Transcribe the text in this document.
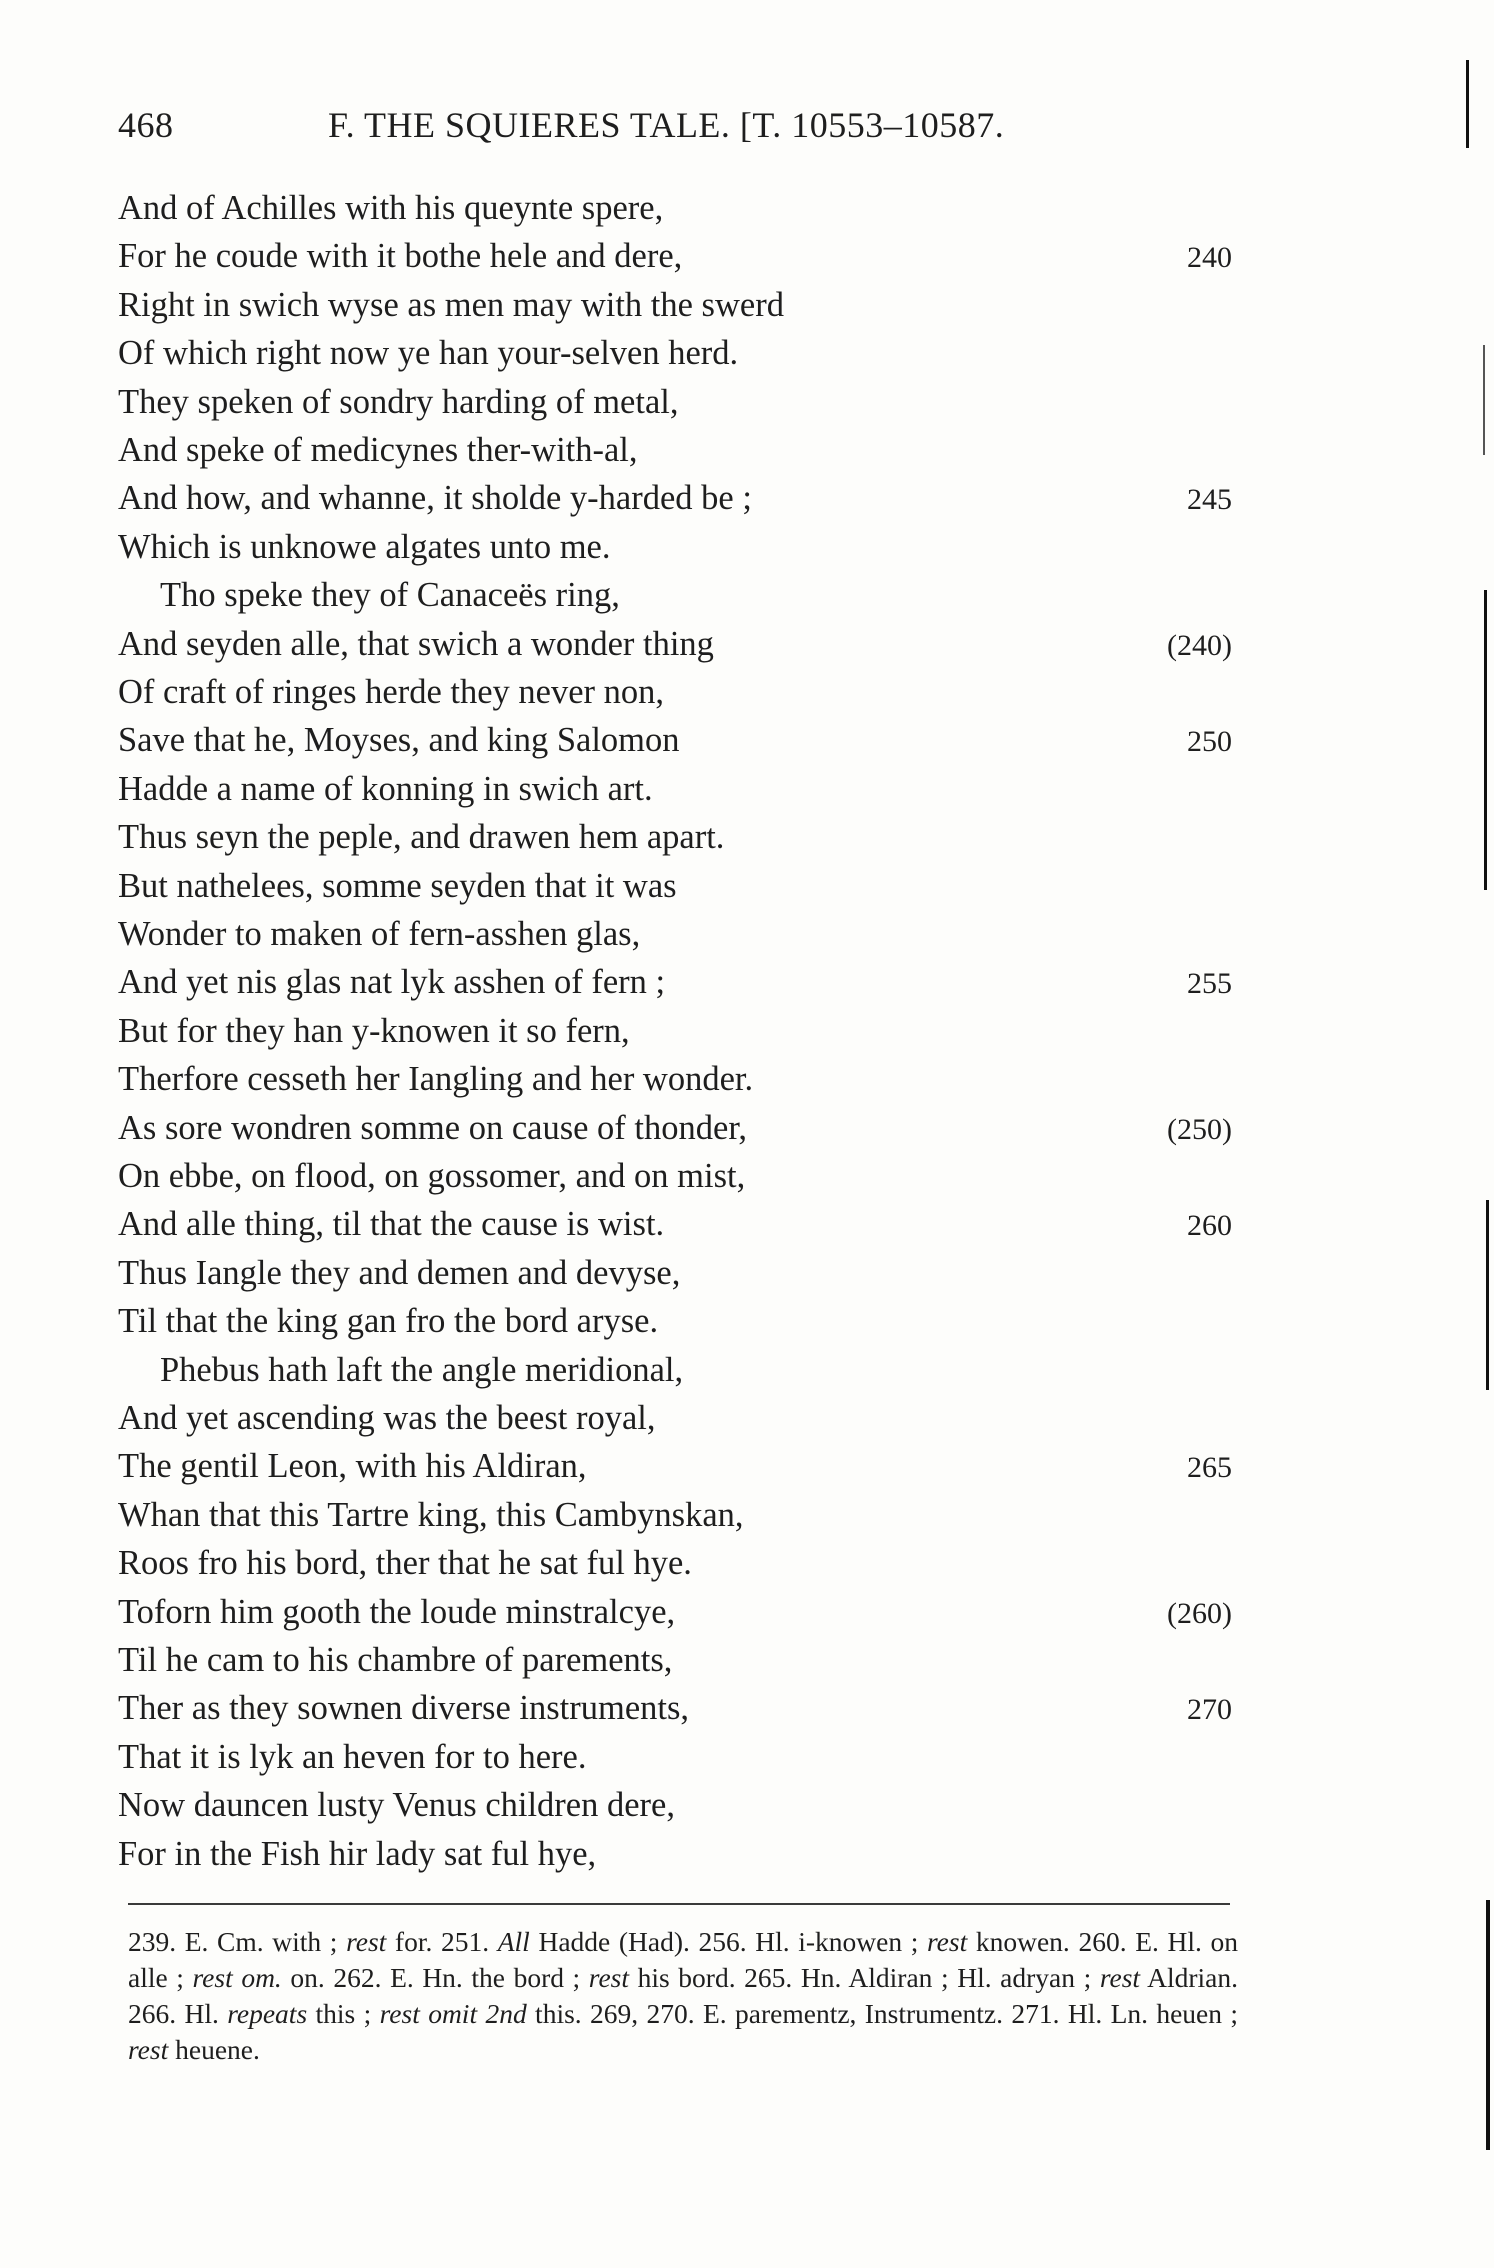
468	F. THE SQUIERES TALE. [T. 10553–10587.
And of Achilles with his queynte spere,
For he coude with it bothe hele and dere,	240
Right in swich wyse as men may with the swerd
Of which right now ye han your-selven herd.
They speken of sondry harding of metal,
And speke of medicynes ther-with-al,
And how, and whanne, it sholde y-harded be ;	245
Which is unknowe algates unto me.
Tho speke they of Canaceës ring,
And seyden alle, that swich a wonder thing	(240)
Of craft of ringes herde they never non,
Save that he, Moyses, and king Salomon	250
Hadde a name of konning in swich art.
Thus seyn the peple, and drawen hem apart.
But nathelees, somme seyden that it was
Wonder to maken of fern-asshen glas,
And yet nis glas nat lyk asshen of fern ;	255
But for they han y-knowen it so fern,
Therfore cesseth her Iangling and her wonder.
As sore wondren somme on cause of thonder,	(250)
On ebbe, on flood, on gossomer, and on mist,
And alle thing, til that the cause is wist.	260
Thus Iangle they and demen and devyse,
Til that the king gan fro the bord aryse.
Phebus hath laft the angle meridional,
And yet ascending was the beest royal,
The gentil Leon, with his Aldiran,	265
Whan that this Tartre king, this Cambynskan,
Roos fro his bord, ther that he sat ful hye.
Toforn him gooth the loude minstralcye,	(260)
Til he cam to his chambre of parements,
Ther as they sownen diverse instruments,	270
That it is lyk an heven for to here.
Now dauncen lusty Venus children dere,
For in the Fish hir lady sat ful hye,

239. E. Cm. with ; rest for. 251. All Hadde (Had). 256. Hl. i-knowen ; rest knowen. 260. E. Hl. on alle ; rest om. on. 262. E. Hn. the bord ; rest his bord. 265. Hn. Aldiran ; Hl. adryan ; rest Aldrian. 266. Hl. repeats this ; rest omit 2nd this. 269, 270. E. parementz, Instrumentz. 271. Hl. Ln. heuen ; rest heuene.
